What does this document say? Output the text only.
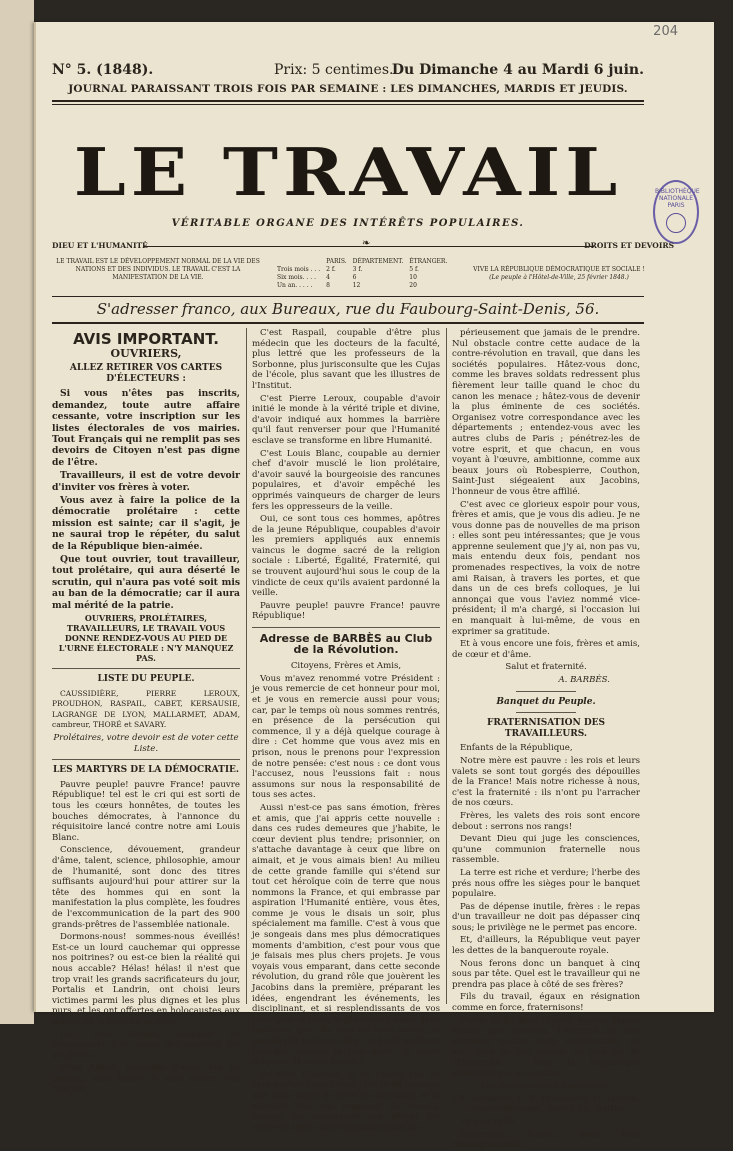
204
BIBLIOTHÈQUE NATIONALE PARIS
N° 5. (1848).	Prix: 5 centimes.
Du Dimanche 4 au Mardi 6 juin.
JOURNAL PARAISSANT TROIS FOIS PAR SEMAINE : LES DIMANCHES, MARDIS ET JEUDIS.
LE TRAVAIL
VÉRITABLE ORGANE DES INTÉRÊTS POPULAIRES.
DIEU ET L'HUMANITÉ	❧	DROITS ET DEVOIRS
LE TRAVAIL EST LE DÉVELOPPEMENT NORMAL DE LA VIE DES NATIONS ET DES INDIVIDUS. LE TRAVAIL C'EST LA MANIFESTATION DE LA VIE.
	PARIS.	DÉPARTEMENT.	ÉTRANGER.
Trois mois . . .	2 f.	3 f.	5 f.
Six mois. . . .	4	6	10
Un an. . . . .	8	12	20
VIVE LA RÉPUBLIQUE DÉMOCRATIQUE ET SOCIALE !
(Le peuple à l'Hôtel-de-Ville, 25 février 1848.)
S'adresser franco, aux Bureaux, rue du Faubourg-Saint-Denis, 56.
AVIS IMPORTANT.
OUVRIERS,
ALLEZ RETIRER VOS CARTES D'ÉLECTEURS :

Si vous n'êtes pas inscrits, demandez, toute autre affaire cessante, votre inscription sur les listes électorales de vos mairies. Tout Français qui ne remplit pas ses devoirs de Citoyen n'est pas digne de l'être.

Travailleurs, il est de votre devoir d'inviter vos frères à voter.

Vous avez à faire la police de la démocratie prolétaire : cette mission est sainte; car il s'agit, je ne saurai trop le répéter, du salut de la République bien-aimée.

Que tout ouvrier, tout travailleur, tout prolétaire, qui aura déserté le scrutin, qui n'aura pas voté soit mis au ban de la démocratie; car il aura mal mérité de la patrie.

OUVRIERS, PROLÉTAIRES, TRAVAILLEURS, LE TRAVAIL VOUS DONNE RENDEZ-VOUS AU PIED DE L'URNE ÉLECTORALE : N'Y MANQUEZ PAS.

LISTE DU PEUPLE.

CAUSSIDIÈRE, PIERRE LEROUX, PROUDHON, RASPAIL, CABET, KERSAUSIE, LAGRANGE DE LYON, MALLARMET, ADAM, cambreur, THORÉ et SAVARY.

Prolétaires, votre devoir est de voter cette Liste.

LES MARTYRS DE LA DÉMOCRATIE.

Pauvre peuple! pauvre France! pauvre République! tel est le cri qui est sorti de tous les cœurs honnêtes, de toutes les bouches démocrates, à l'annonce du réquisitoire lancé contre notre ami Louis Blanc.

Conscience, dévouement, grandeur d'âme, talent, science, philosophie, amour de l'humanité, sont donc des titres suffisants aujourd'hui pour attirer sur la tête des hommes qui en sont la manifestation la plus complète, les foudres de l'excommunication de la part des 900 grands-prêtres de l'assemblée nationale.

Dormons-nous! sommes-nous éveillés! Est-ce un lourd cauchemar qui oppresse nos poitrines? ou est-ce bien la réalité qui nous accable? Hélas! hélas! il n'est que trop vrai! les grands sacrificateurs du jour, Portalis et Landrin, ont choisi leurs victimes parmi les plus dignes et les plus purs, et les ont offertes en holocaustes aux mânes de la royauté vaincue.

Oui; c'est Barbès, coupable de dévouement à la cause des ouvriers qui souffrent;

C'est Albert, coupable d'avoir été au pouvoir sans haine et sans colère, lui, ouvrier;

C'est Raspail, coupable d'être plus médecin que les docteurs de la faculté, plus lettré que les professeurs de la Sorbonne, plus jurisconsulte que les Cujas de l'école, plus savant que les illustres de l'Institut.

C'est Pierre Leroux, coupable d'avoir initié le monde à la vérité triple et divine, d'avoir indiqué aux hommes la barrière qu'il faut renverser pour que l'Humanité esclave se transforme en libre Humanité.

C'est Louis Blanc, coupable au dernier chef d'avoir musclé le lion prolétaire, d'avoir sauvé la bourgeoisie des rancunes populaires, et d'avoir empêché les opprimés vainqueurs de charger de leurs fers les oppresseurs de la veille.

Oui, ce sont tous ces hommes, apôtres de la jeune République, coupables d'avoir les premiers appliqués aux ennemis vaincus le dogme sacré de la religion sociale : Liberté, Égalité, Fraternité, qui se trouvent aujourd'hui sous le coup de la vindicte de ceux qu'ils avaient pardonné la veille.

Pauvre peuple! pauvre France! pauvre République!

Adresse de BARBÈS au Club de la Révolution.

Citoyens, Frères et Amis,

Vous m'avez renommé votre Président : je vous remercie de cet honneur pour moi, et je vous en remercie aussi pour vous; car, par le temps où nous sommes rentrés, en présence de la persécution qui commence, il y a déjà quelque courage à dire : Cet homme que vous avez mis en prison, nous le prenons pour l'expression de notre pensée: c'est nous : ce dont vous l'accusez, nous l'eussions fait : nous assumons sur nous la responsabilité de tous ses actes.

Aussi n'est-ce pas sans émotion, frères et amis, que j'ai appris cette nouvelle : dans ces rudes demeures que j'habite, le cœur devient plus tendre; prisonnier, on s'attache davantage à ceux que libre on aimait, et je vous aimais bien! Au milieu de cette grande famille qui s'étend sur tout cet héroïque coin de terre que nous nommons la France, et qui embrasse par aspiration l'Humanité entière, vous êtes, comme je vous le disais un soir, plus spécialement ma famille. C'est à vous que je songeais dans mes plus démocratiques moments d'ambition, c'est pour vous que je faisais mes plus chers projets. Je vous voyais vous emparant, dans cette seconde révolution, du grand rôle que jouèrent les Jacobins dans la première, préparant les idées, engendrant les événements, les disciplinant, et si resplendissants de vos principes, si haut, si gravement placé dans l'opinion, que, du coin où vous seriez, le peuple pût toujours dire : «Là est la raison pratique comme le bon droit, là notre drapeau, là notre devoir.»

Ce rôle, Citoyens, je ne l'aurai pas en vain souhaité pour vous : l'acte de courage que vous venez de faire en m'élisant, et la réaction (ces vils crapauds du marais, comme les nommaient nos pères) qui relève la tête, vous commande plus im-

périeusement que jamais de le prendre. Nul obstacle contre cette audace de la contre-révolution en travail, que dans les sociétés populaires. Hâtez-vous donc, comme les braves soldats redressent plus fièrement leur taille quand le choc du canon les menace ; hâtez-vous de devenir la plus éminente de ces sociétés. Organisez votre correspondance avec les départements ; entendez-vous avec les autres clubs de Paris ; pénétrez-les de votre esprit, et que chacun, en vous voyant à l'œuvre, ambitionne, comme aux beaux jours où Robespierre, Couthon, Saint-Just siégeaient aux Jacobins, l'honneur de vous être affilié.

C'est avec ce glorieux espoir pour vous, frères et amis, que je vous dis adieu. Je ne vous donne pas de nouvelles de ma prison : elles sont peu intéressantes; que je vous apprenne seulement que j'y ai, non pas vu, mais entendu deux fois, pendant nos promenades respectives, la voix de notre ami Raisan, à travers les portes, et que dans un de ces brefs colloques, je lui annonçai que vous l'aviez nommé vice-président; il m'a chargé, si l'occasion lui en manquait à lui-même, de vous en exprimer sa gratitude.

Et à vous encore une fois, frères et amis, de cœur et d'âme.

Salut et fraternité.

A. BARBÈS.

Banquet du Peuple.
FRATERNISATION DES TRAVAILLEURS.

Enfants de la République,

Notre mère est pauvre : les rois et leurs valets se sont tout gorgés des dépouilles de la France! Mais notre richesse à nous, c'est la fraternité : ils n'ont pu l'arracher de nos cœurs.

Frères, les valets des rois sont encore debout : serrons nos rangs!

Devant Dieu qui juge les consciences, qu'une communion fraternelle nous rassemble.

La terre est riche et verdure; l'herbe des prés nous offre les sièges pour le banquet populaire.

Pas de dépense inutile, frères : le repas d'un travailleur ne doit pas dépasser cinq sous; le privilège ne le permet pas encore.

Et, d'ailleurs, la République veut payer les dettes de la banqueroute royale.

Nous ferons donc un banquet à cinq sous par tête. Quel est le travailleur qui ne prendra pas place à côté de ses frères?

Fils du travail, égaux en résignation comme en force, fraternisons!

Pleins de foi dans l'avenir, soyons dignes autant que dévoués. L'Éternel ne doit entendre qu'une seule acclamation, un seul vœu de nos cœurs, un seul cri de l'Humanité : Vive la République démocratique et sociale!

Les commissaires fondateurs,

Ch. Deshayes, L.-B. Thomassin, M. Leinen, Grossier-Barengé, Berrot fils, Battier.

28 mai 1848.

S'adresser franco, pour tous renseignements
